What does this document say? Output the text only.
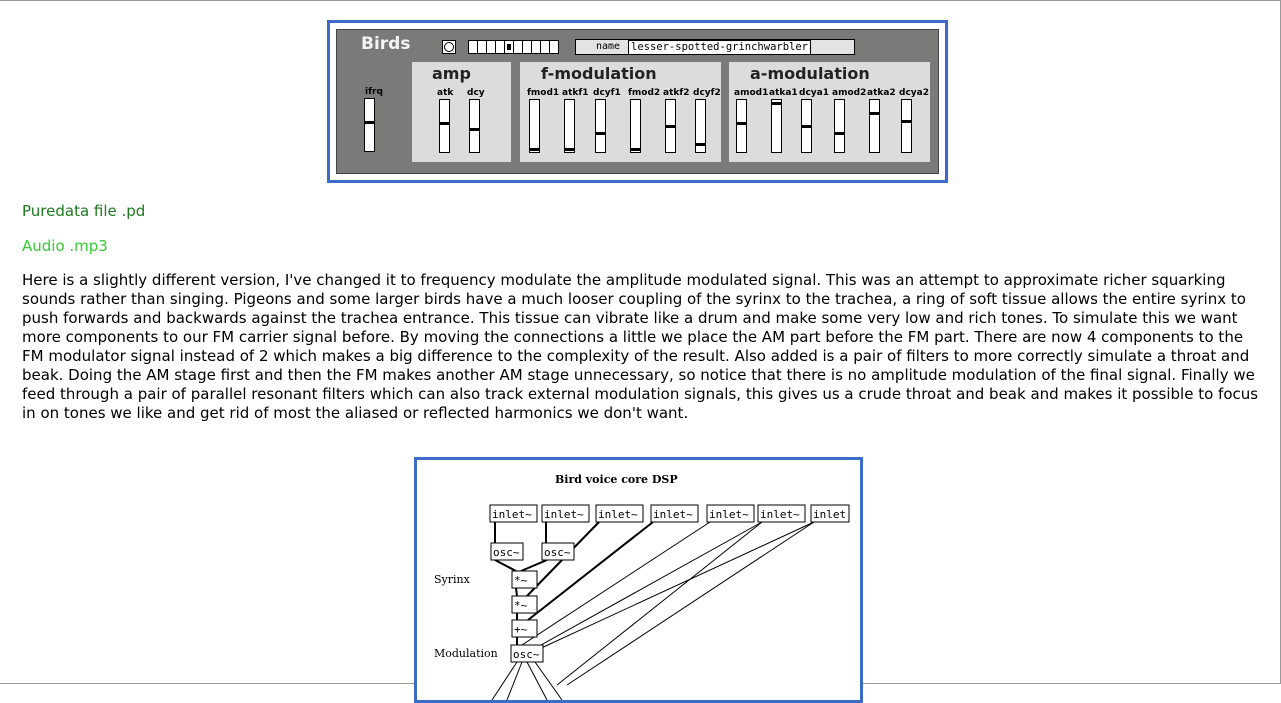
Birds	name lesser-spotted-grinchwarbler
ifrq
amp
atk dcy
f-modulation
fmod1 atkf1 dcyf1 fmod2 atkf2 dcyf2
a-modulation
amod1 atka1 dcya1 amod2 atka2 dcya2
Puredata file .pd
Audio .mp3
Here is a slightly different version, I've changed it to frequency modulate the amplitude modulated signal. This was an attempt to approximate richer squarking sounds rather than singing. Pigeons and some larger birds have a much looser coupling of the syrinx to the trachea, a ring of soft tissue allows the entire syrinx to push forwards and backwards against the trachea entrance. This tissue can vibrate like a drum and make some very low and rich tones. To simulate this we want more components to our FM carrier signal before. By moving the connections a little we place the AM part before the FM part. There are now 4 components to the FM modulator signal instead of 2 which makes a big difference to the complexity of the result. Also added is a pair of filters to more correctly simulate a throat and beak. Doing the AM stage first and then the FM makes another AM stage unnecessary, so notice that there is no amplitude modulation of the final signal. Finally we feed through a pair of parallel resonant filters which can also track external modulation signals, this gives us a crude throat and beak and makes it possible to focus in on tones we like and get rid of most the aliased or reflected harmonics we don't want.
Bird voice core DSP
Syrinx
Modulation
inlet~ inlet~ inlet~ inlet~ inlet~ inlet~ inlet
osc~ osc~
*~
*~
+~
osc~
